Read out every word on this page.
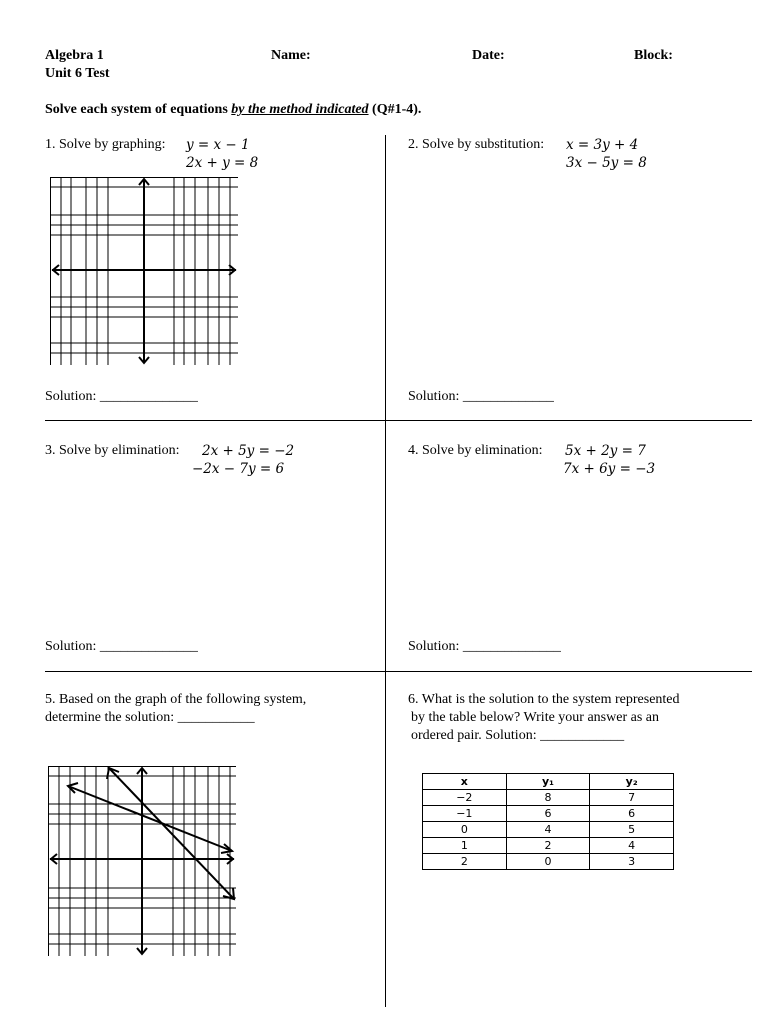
Algebra 1
Unit 6 Test
Name:	Date:	Block:
Solve each system of equations by the method indicated (Q#1-4).
1. Solve by graphing: y = x − 1
2x + y = 8
Solution: ______________
2. Solve by substitution: x = 3y + 4
3x − 5y = 8
Solution: _____________
3. Solve by elimination: 2x + 5y = −2
−2x − 7y = 6
Solution: ______________
4. Solve by elimination: 5x + 2y = 7
7x + 6y = −3
Solution: ______________
5. Based on the graph of the following system,
determine the solution: ___________
6. What is the solution to the system represented
by the table below? Write your answer as an
ordered pair. Solution: ____________
x	y₁	y₂
−2	8	7
−1	6	6
0	4	5
1	2	4
2	0	3
